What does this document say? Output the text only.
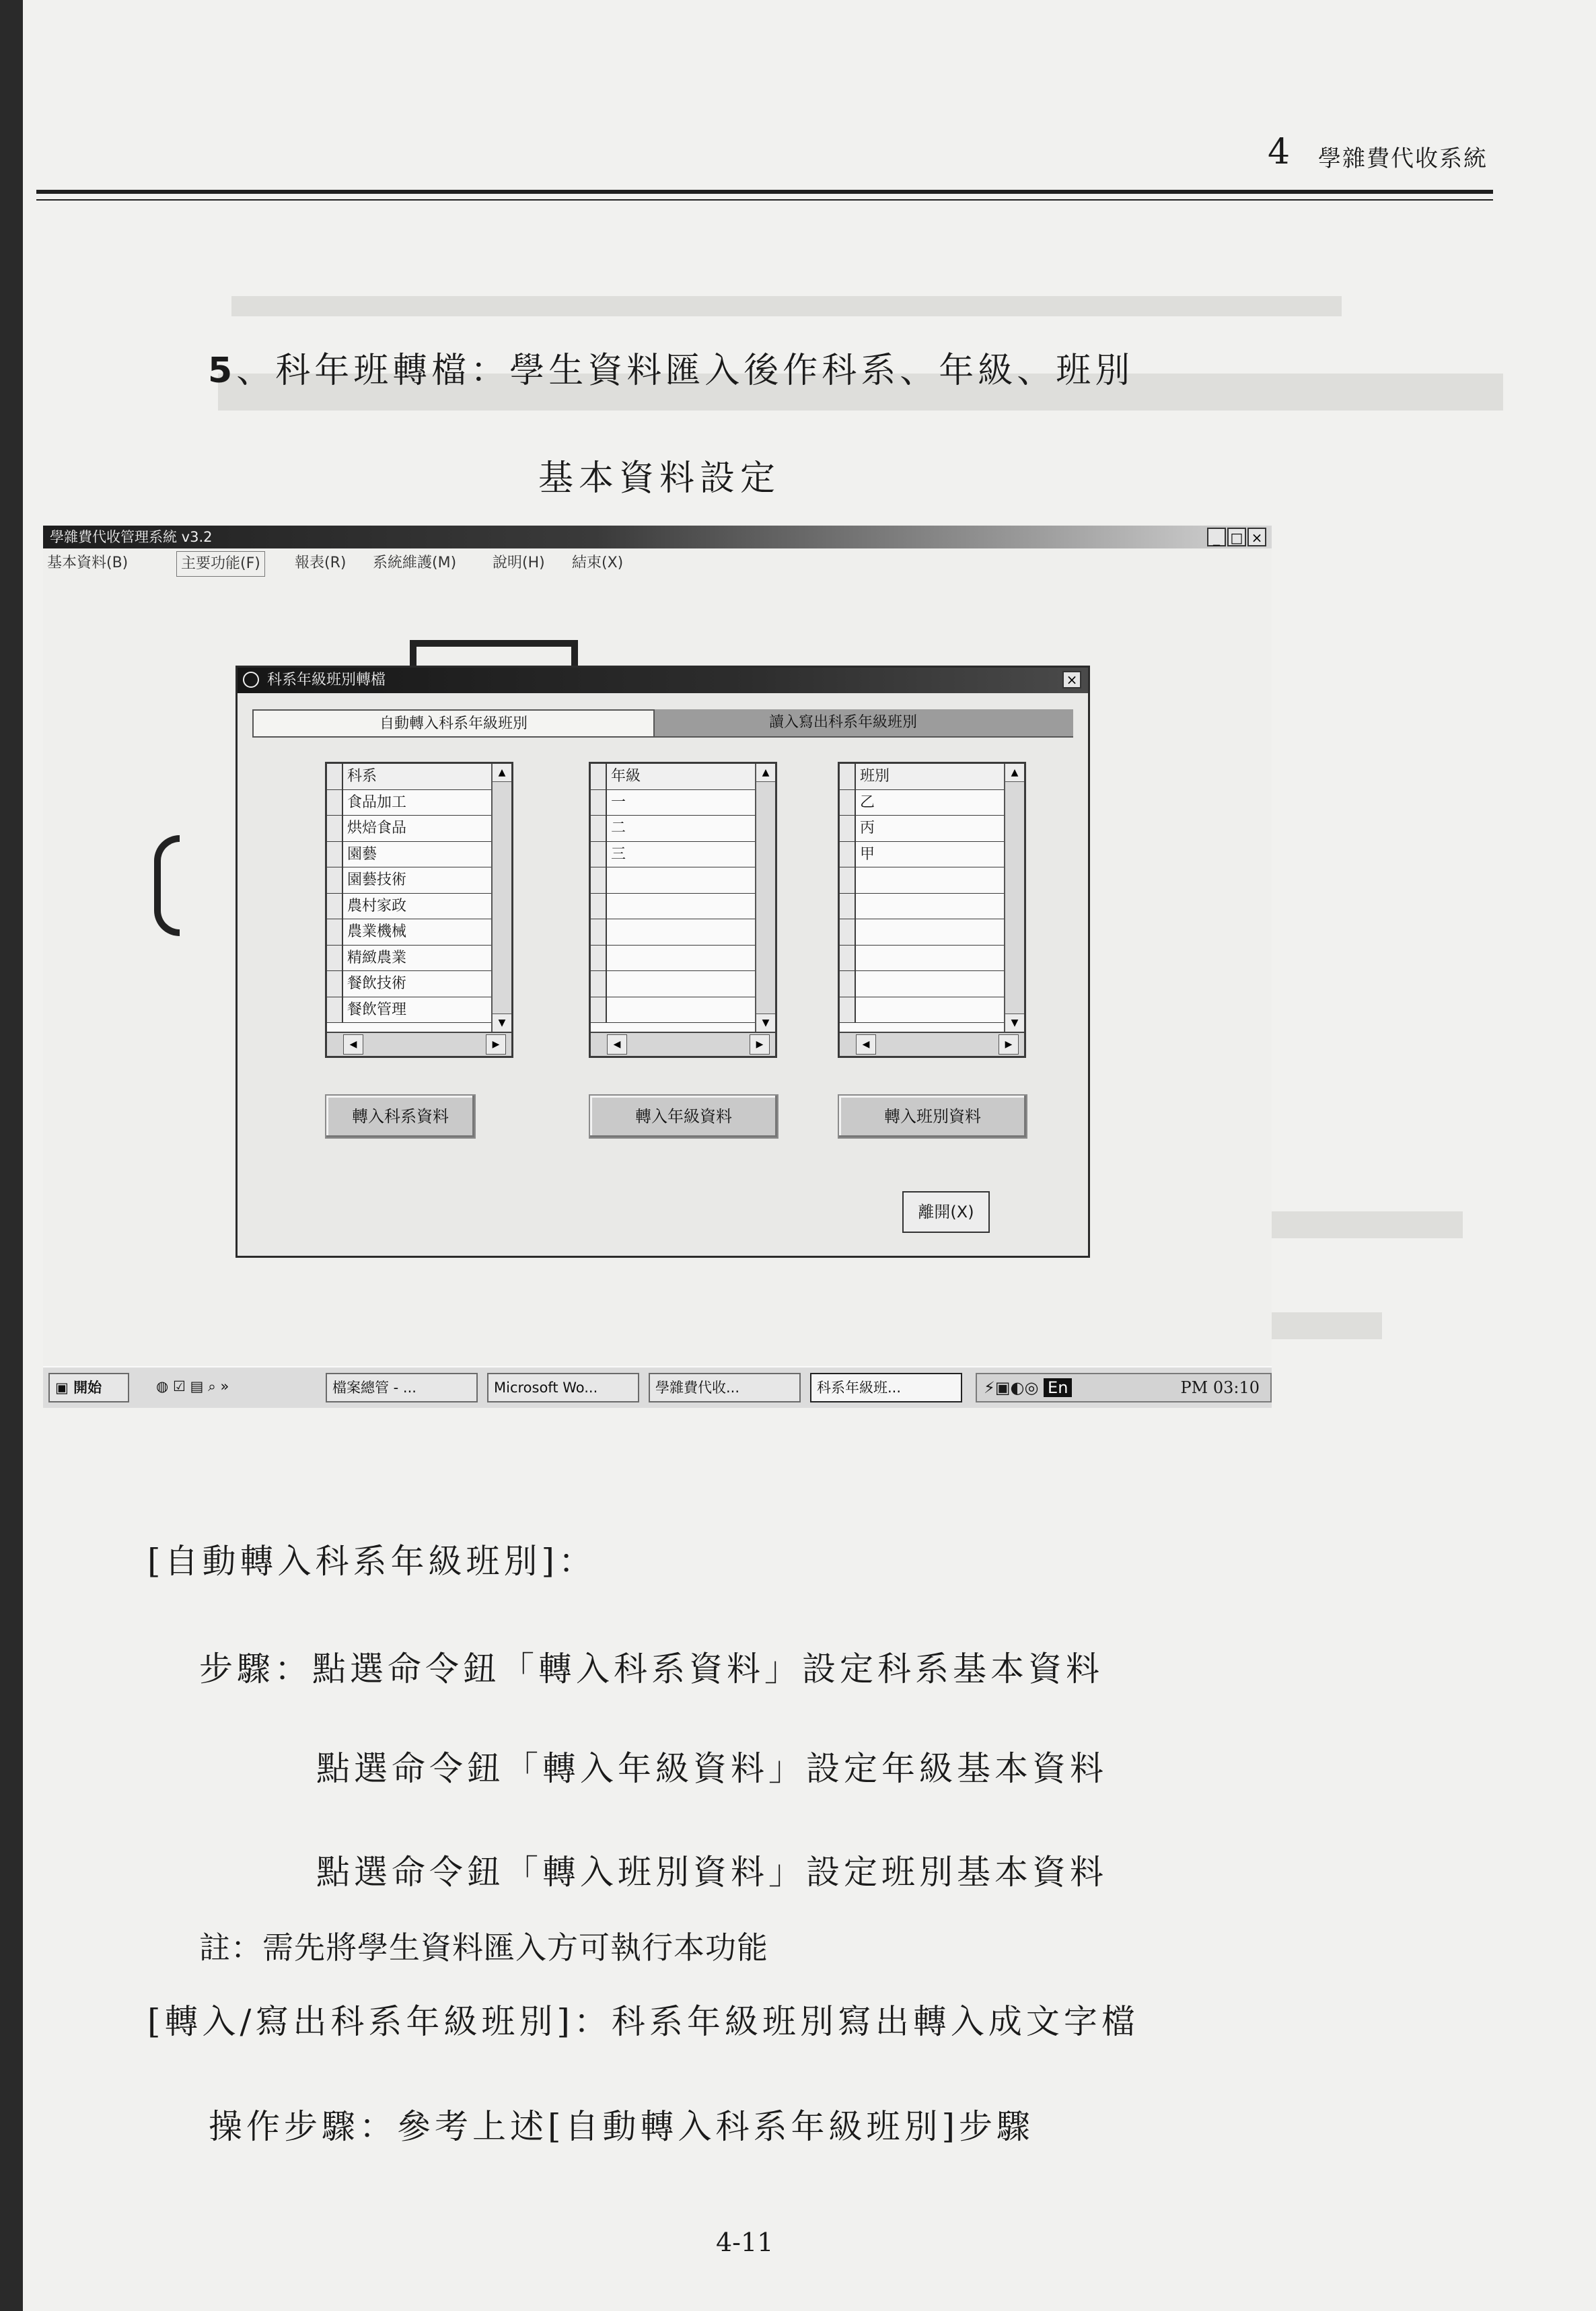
4 學雜費代收系統
5、科年班轉檔：學生資料匯入後作科系、年級、班別
基本資料設定
學雜費代收管理系統 v3.2	_ □ ×
基本資料(B)	主要功能(F)	報表(R) 系統維護(M) 說明(H) 結束(X)
科系年級班別轉檔	×
自動轉入科系年級班別	讀入寫出科系年級班別
科系
食品加工
烘焙食品
園藝
園藝技術
農村家政
農業機械
精緻農業
餐飲技術
餐飲管理
▲
▼
◀	▶
年級
一
二
三
▲
▼
◀	▶
班別
乙
丙
甲
▲
▼
◀	▶
轉入科系資料	轉入年級資料	轉入班別資料
離開(X)
▣ 開始	◍ ☑ ▤ ⌕ »	檔案總管 - ...	Microsoft Wo...	學雜費代收...	科系年級班...	⚡▣◐◎ En	PM 03:10
[自動轉入科系年級班別]：
步驟：點選命令鈕「轉入科系資料」設定科系基本資料
點選命令鈕「轉入年級資料」設定年級基本資料
點選命令鈕「轉入班別資料」設定班別基本資料
註：需先將學生資料匯入方可執行本功能
[轉入/寫出科系年級班別]：科系年級班別寫出轉入成文字檔
操作步驟：參考上述[自動轉入科系年級班別]步驟
4-11
